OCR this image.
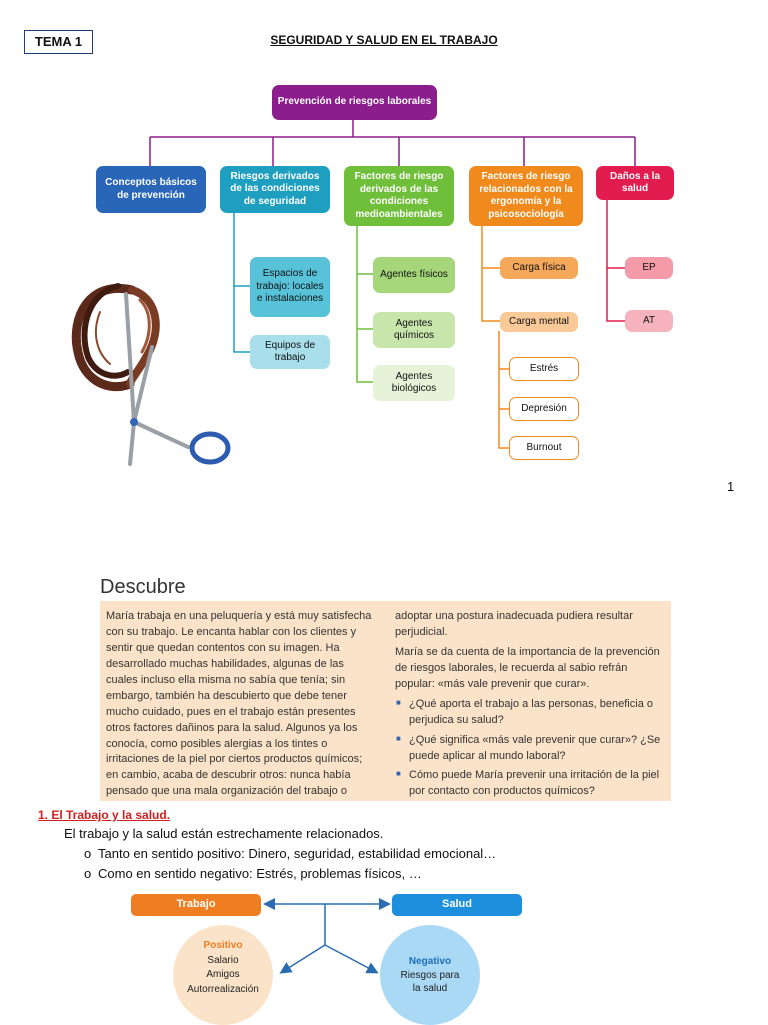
TEMA 1	SEGURIDAD Y SALUD EN EL TRABAJO
Prevención de riesgos laborales
Conceptos básicos de prevención
Riesgos derivados de las condiciones de seguridad
Factores de riesgo derivados de las condiciones medioambientales
Factores de riesgo relacionados con la ergonomía y la psicosociología
Daños a la salud
Espacios de trabajo: locales e instalaciones
Equipos de trabajo
Agentes físicos
Agentes químicos
Agentes biológicos
Carga física
Carga mental
Estrés
Depresión
Burnout
EP
AT
1
Descubre

María trabaja en una peluquería y está muy satisfecha con su trabajo. Le encanta hablar con los clientes y sentir que quedan contentos con su imagen. Ha desarrollado muchas habilidades, algunas de las cuales incluso ella misma no sabía que tenía; sin embargo, también ha descubierto que debe tener mucho cuidado, pues en el trabajo están presentes otros factores dañinos para la salud. Algunos ya los conocía, como posibles alergias a los tintes o irritaciones de la piel por ciertos productos químicos; en cambio, acaba de descubrir otros: nunca había pensado que una mala organización del trabajo o

adoptar una postura inadecuada pudiera resultar perjudicial.

María se da cuenta de la importancia de la prevención de riesgos laborales, le recuerda al sabio refrán popular: «más vale prevenir que curar».

■ ¿Qué aporta el trabajo a las personas, beneficia o perjudica su salud?
■ ¿Qué significa «más vale prevenir que curar»? ¿Se puede aplicar al mundo laboral?
■ Cómo puede María prevenir una irritación de la piel por contacto con productos químicos?
1. El Trabajo y la salud.
El trabajo y la salud están estrechamente relacionados.
o Tanto en sentido positivo: Dinero, seguridad, estabilidad emocional…
o Como en sentido negativo: Estrés, problemas físicos, …
Trabajo	Salud
Positivo
Salario
Amigos
Autorrealización
Negativo
Riesgos para la salud
